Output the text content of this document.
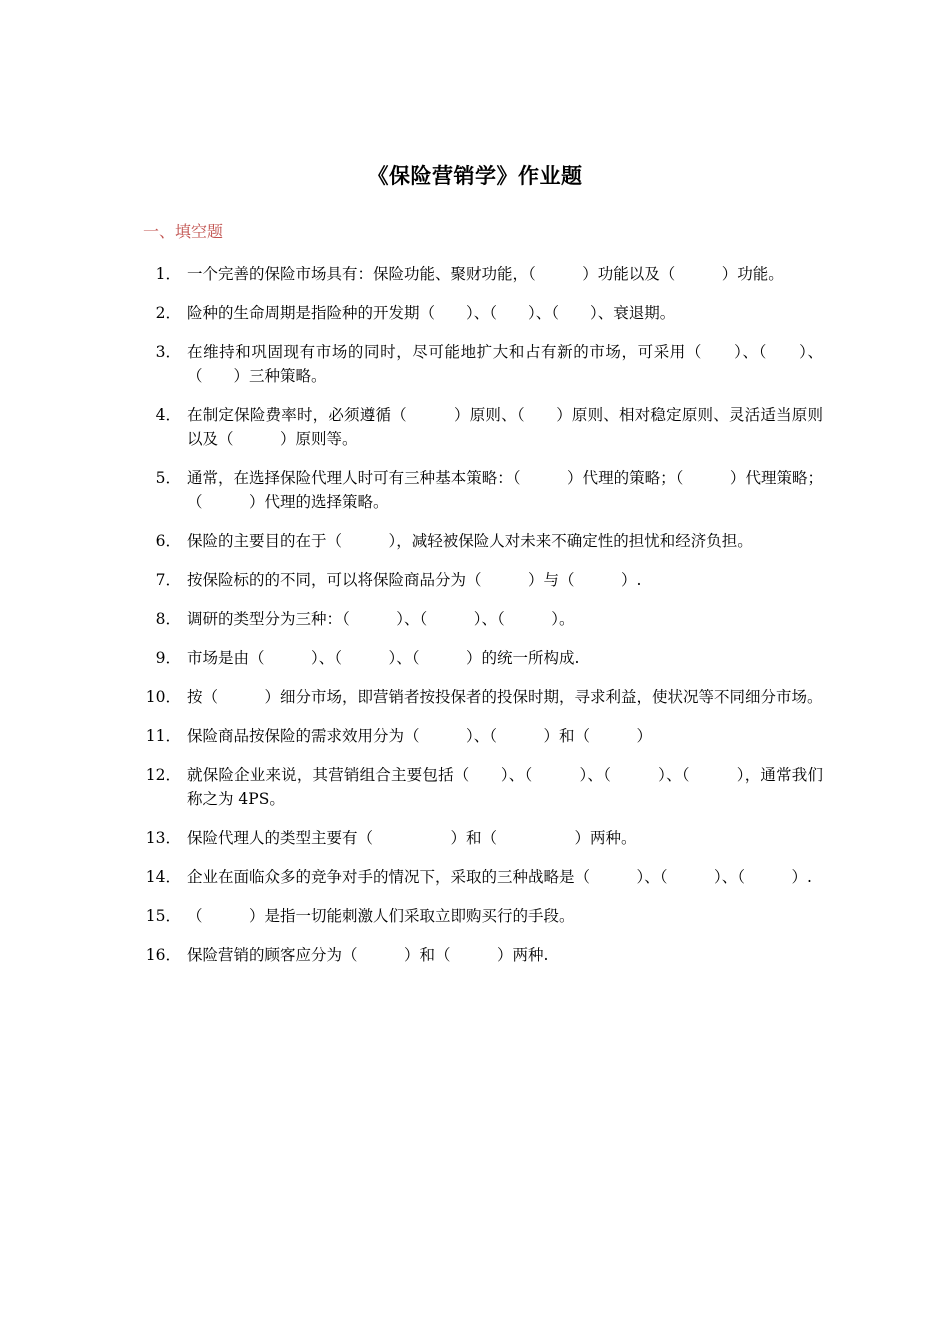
《保险营销学》作业题
一、填空题
1． 一个完善的保险市场具有：保险功能、聚财功能，（　　　）功能以及（　　　）功能。
2． 险种的生命周期是指险种的开发期（　　）、（　　）、（　　）、衰退期。
3． 在维持和巩固现有市场的同时，尽可能地扩大和占有新的市场，可采用（　　）、（　　）、（　　）三种策略。
4． 在制定保险费率时，必须遵循（　　　）原则、（　　）原则、相对稳定原则、灵活适当原则以及（　　　）原则等。
5． 通常，在选择保险代理人时可有三种基本策略：（　　　）代理的策略；（　　　）代理策略；（　　　）代理的选择策略。
6． 保险的主要目的在于（　　　），减轻被保险人对未来不确定性的担忧和经济负担。
7． 按保险标的的不同，可以将保险商品分为（　　　）与（　　　）.
8． 调研的类型分为三种：（　　　）、（　　　）、（　　　）。
9． 市场是由（　　　）、（　　　）、（　　　）的统一所构成.
10． 按（　　　）细分市场，即营销者按投保者的投保时期，寻求利益，使状况等不同细分市场。
11． 保险商品按保险的需求效用分为（　　　）、（　　　）和（　　　）
12． 就保险企业来说，其营销组合主要包括（　　）、（　　　）、（　　　）、（　　　），通常我们称之为 4PS。
13． 保险代理人的类型主要有（　　　　　）和（　　　　　）两种。
14． 企业在面临众多的竞争对手的情况下，采取的三种战略是（　　　）、（　　　）、（　　　）.
15． （　　　）是指一切能刺激人们采取立即购买行的手段。
16． 保险营销的顾客应分为（　　　）和（　　　）两种.
